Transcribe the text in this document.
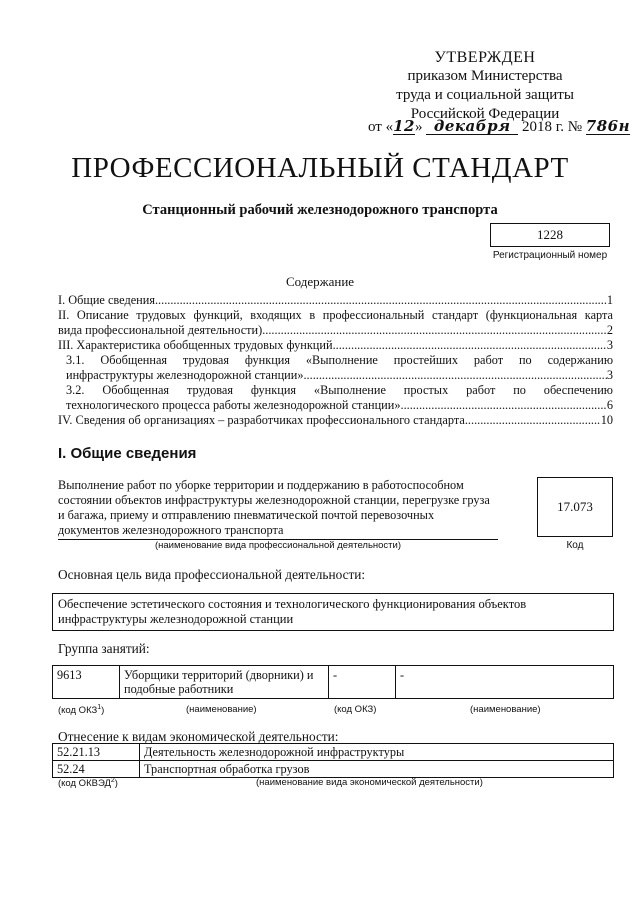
УТВЕРЖДЕН
приказом Министерства
труда и социальной защиты
Российской Федерации
от «12» декабря 2018 г. № 786н
ПРОФЕССИОНАЛЬНЫЙ СТАНДАРТ
Станционный рабочий железнодорожного транспорта
1228
Регистрационный номер
Содержание
I. Общие сведения .....	1
II. Описание трудовых функций, входящих в профессиональный стандарт (функциональная карта
вида профессиональной деятельности) .....	2
III. Характеристика обобщенных трудовых функций .....	3
3.1. Обобщенная трудовая функция «Выполнение простейших работ по содержанию
инфраструктуры железнодорожной станции» .....	3
3.2. Обобщенная трудовая функция «Выполнение простых работ по обеспечению
технологического процесса работы железнодорожной станции» .....	6
IV. Сведения об организациях – разработчиках профессионального стандарта .....	10
I. Общие сведения
Выполнение работ по уборке территории и поддержанию в работоспособном состоянии объектов инфраструктуры железнодорожной станции, перегрузке груза и багажа, приему и отправлению пневматической почтой перевозочных документов железнодорожного транспорта
17.073
(наименование вида профессиональной деятельности)	Код
Основная цель вида профессиональной деятельности:
Обеспечение эстетического состояния и технологического функционирования объектов инфраструктуры железнодорожной станции
Группа занятий:
9613	Уборщики территорий (дворники) и подобные работники	-	-
(код ОКЗ$^1$)	(наименование)	(код ОКЗ)	(наименование)
Отнесение к видам экономической деятельности:
52.21.13	Деятельность железнодорожной инфраструктуры
52.24	Транспортная обработка грузов
(код ОКВЭД$^2$)	(наименование вида экономической деятельности)
